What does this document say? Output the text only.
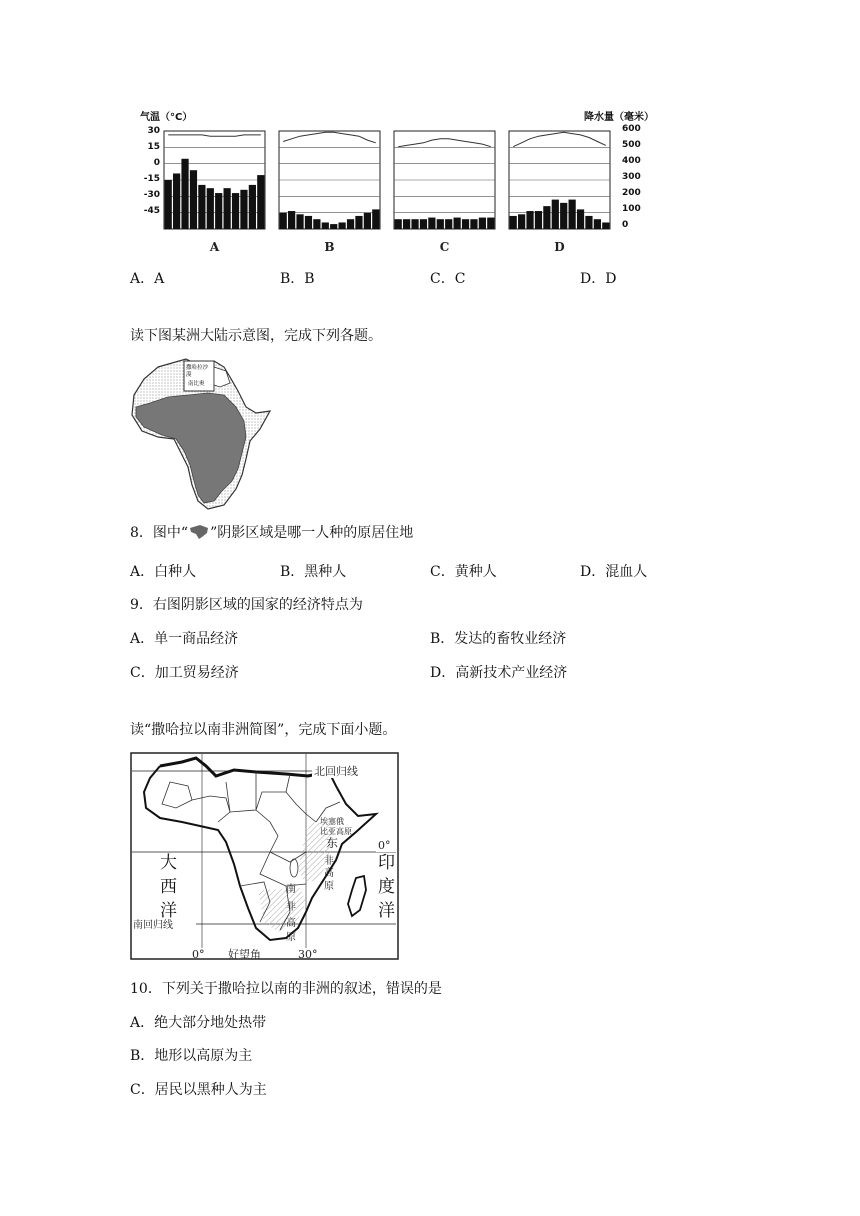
气温（°C）	降水量（毫米）
30
15
0
-15
-30
-45
600
500
400
300
200
100
0
A	B	C	D
A．A	B．B	C．C	D．D
读下图某洲大陆示意图，完成下列各题。
撒哈拉沙
漠
南比奥
8．图中“ ”阴影区域是哪一人种的原居住地
A．白种人	B．黑种人	C．黄种人	D．混血人
9．右图阴影区域的国家的经济特点为
A．单一商品经济	B．发达的畜牧业经济
C．加工贸易经济	D．高新技术产业经济
读“撒哈拉以南非洲简图”，完成下面小题。
北回归线
南回归线
0°
0° 好望角	30°
大
西
洋
印
度
洋
埃塞俄
比亚高原
东
非
高
原
南
非
高
原
10．下列关于撒哈拉以南的非洲的叙述，错误的是
A．绝大部分地处热带
B．地形以高原为主
C．居民以黑种人为主
